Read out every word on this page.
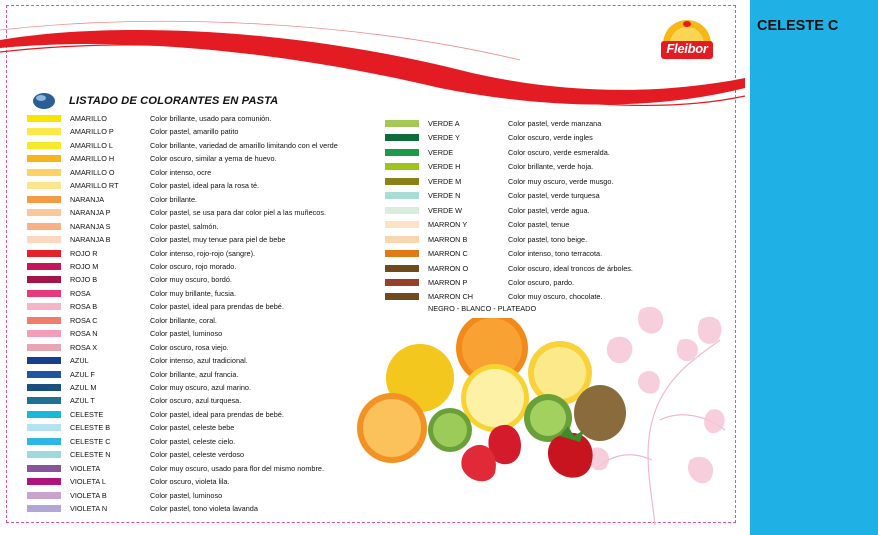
Fleibor
LISTADO DE COLORANTES EN PASTA
AMARILLO	Color brillante, usado para comunión.
AMARILLO P	Color pastel, amarillo patito
AMARILLO L	Color brillante, variedad de amarillo limitando con el verde
AMARILLO H	Color oscuro, similar a yema de huevo.
AMARILLO O	Color intenso, ocre
AMARILLO RT	Color pastel, ideal para la rosa té.
NARANJA	Color brillante.
NARANJA P	Color pastel, se usa para dar color piel a las muñecos.
NARANJA S	Color pastel, salmón.
NARANJA B	Color pastel, muy tenue para piel de bebe
ROJO R	Color intenso, rojo-rojo (sangre).
ROJO M	Color oscuro, rojo morado.
ROJO B	Color muy oscuro, bordó.
ROSA	Color muy brillante, fucsia.
ROSA B	Color pastel, ideal para prendas de bebé.
ROSA C	Color brillante, coral.
ROSA N	Color pastel, luminoso
ROSA X	Color oscuro, rosa viejo.
AZUL	Color intenso, azul tradicional.
AZUL F	Color brillante, azul francia.
AZUL M	Color muy oscuro, azul marino.
AZUL T	Color oscuro, azul turquesa.
CELESTE	Color pastel, ideal para prendas de bebé.
CELESTE B	Color pastel, celeste bebe
CELESTE C	Color pastel, celeste cielo.
CELESTE N	Color pastel, celeste verdoso
VIOLETA	Color muy oscuro, usado para flor del mismo nombre.
VIOLETA L	Color oscuro, violeta lila.
VIOLETA B	Color pastel, luminoso
VIOLETA N	Color pastel, tono violeta lavanda
VERDE A	Color pastel, verde manzana
VERDE Y	Color oscuro, verde ingles
VERDE	Color oscuro, verde esmeralda.
VERDE H	Color brillante, verde hoja.
VERDE M	Color muy oscuro, verde musgo.
VERDE N	Color pastel, verde turquesa
VERDE W	Color pastel, verde agua.
MARRON Y	Color pastel, tenue
MARRON B	Color pastel, tono beige.
MARRON C	Color intenso, tono terracota.
MARRON O	Color oscuro, ideal troncos de árboles.
MARRON P	Color oscuro, pardo.
MARRON CH	Color muy oscuro, chocolate.
NEGRO - BLANCO - PLATEADO
CELESTE C
